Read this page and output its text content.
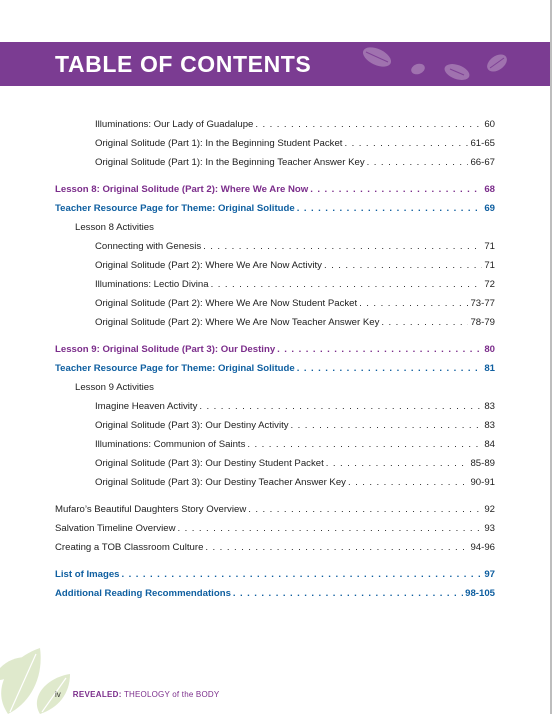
TABLE OF CONTENTS
Illuminations: Our Lady of Guadalupe . . .	60
Original Solitude (Part 1): In the Beginning Student Packet . . .	61-65
Original Solitude (Part 1): In the Beginning Teacher Answer Key . . .	66-67
Lesson 8: Original Solitude (Part 2): Where We Are Now . . .	68
Teacher Resource Page for Theme: Original Solitude . . .	69
Lesson 8 Activities
Connecting with Genesis . . .	71
Original Solitude (Part 2): Where We Are Now Activity . . .	71
Illuminations: Lectio Divina . . .	72
Original Solitude (Part 2): Where We Are Now Student Packet . . .	73-77
Original Solitude (Part 2): Where We Are Now Teacher Answer Key . . .	78-79
Lesson 9: Original Solitude (Part 3): Our Destiny . . .	80
Teacher Resource Page for Theme: Original Solitude . . .	81
Lesson 9 Activities
Imagine Heaven Activity . . .	83
Original Solitude (Part 3): Our Destiny Activity . . .	83
Illuminations: Communion of Saints . . .	84
Original Solitude (Part 3): Our Destiny Student Packet . . .	85-89
Original Solitude (Part 3): Our Destiny Teacher Answer Key . . .	90-91
Mufaro’s Beautiful Daughters Story Overview . . .	92
Salvation Timeline Overview . . .	93
Creating a TOB Classroom Culture . . .	94-96
List of Images . . .	97
Additional Reading Recommendations . . .	98-105
iv REVEALED: THEOLOGY of the BODY
